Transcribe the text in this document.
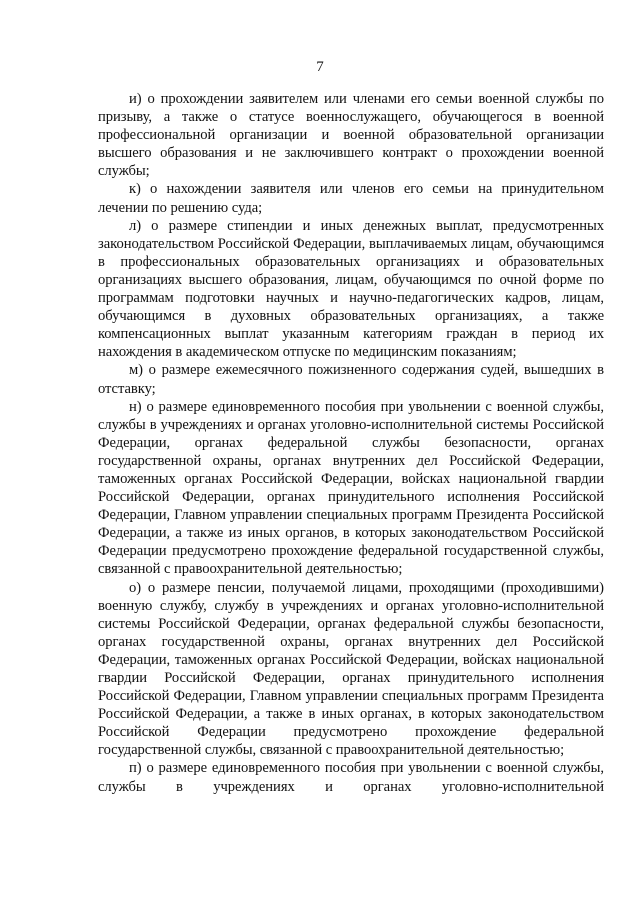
7

и) о прохождении заявителем или членами его семьи военной службы по призыву, а также о статусе военнослужащего, обучающегося в военной профессиональной организации и военной образовательной организации высшего образования и не заключившего контракт о прохождении военной службы;

к) о нахождении заявителя или членов его семьи на принудительном лечении по решению суда;

л) о размере стипендии и иных денежных выплат, предусмотренных законодательством Российской Федерации, выплачиваемых лицам, обучающимся в профессиональных образовательных организациях и образовательных организациях высшего образования, лицам, обучающимся по очной форме по программам подготовки научных и научно-педагогических кадров, лицам, обучающимся в духовных образовательных организациях, а также компенсационных выплат указанным категориям граждан в период их нахождения в академическом отпуске по медицинским показаниям;

м) о размере ежемесячного пожизненного содержания судей, вышедших в отставку;

н) о размере единовременного пособия при увольнении с военной службы, службы в учреждениях и органах уголовно-исполнительной системы Российской Федерации, органах федеральной службы безопасности, органах государственной охраны, органах внутренних дел Российской Федерации, таможенных органах Российской Федерации, войсках национальной гвардии Российской Федерации, органах принудительного исполнения Российской Федерации, Главном управлении специальных программ Президента Российской Федерации, а также из иных органов, в которых законодательством Российской Федерации предусмотрено прохождение федеральной государственной службы, связанной с правоохранительной деятельностью;

о) о размере пенсии, получаемой лицами, проходящими (проходившими) военную службу, службу в учреждениях и органах уголовно-исполнительной системы Российской Федерации, органах федеральной службы безопасности, органах государственной охраны, органах внутренних дел Российской Федерации, таможенных органах Российской Федерации, войсках национальной гвардии Российской Федерации, органах принудительного исполнения Российской Федерации, Главном управлении специальных программ Президента Российской Федерации, а также в иных органах, в которых законодательством Российской Федерации предусмотрено прохождение федеральной государственной службы, связанной с правоохранительной деятельностью;

п) о размере единовременного пособия при увольнении с военной службы, службы в учреждениях и органах уголовно-исполнительной
